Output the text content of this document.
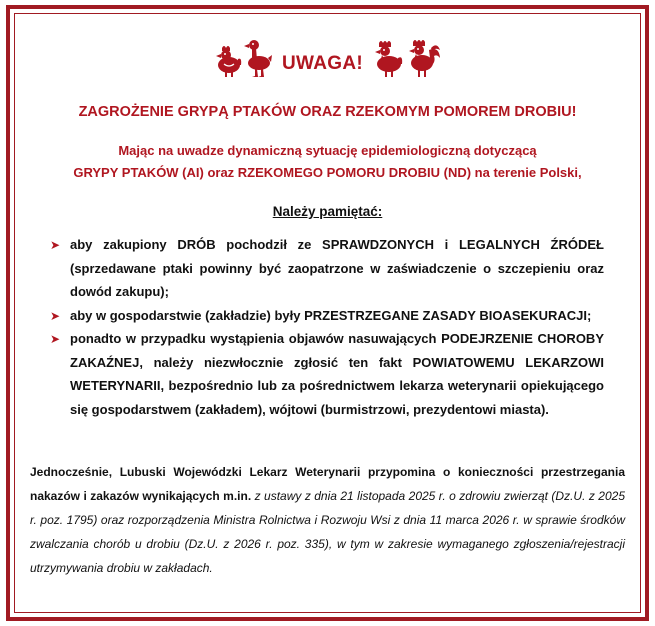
UWAGA!
ZAGROŻENIE GRYPĄ PTAKÓW ORAZ RZEKOMYM POMOREM DROBIU!
Mając na uwadze dynamiczną sytuację epidemiologiczną dotyczącą
GRYPY PTAKÓW (AI) oraz RZEKOMEGO POMORU DROBIU (ND) na terenie Polski,
Należy pamiętać:
➤ aby zakupiony DRÓB pochodził ze SPRAWDZONYCH i LEGALNYCH ŹRÓDEŁ (sprzedawane ptaki powinny być zaopatrzone w zaświadczenie o szczepieniu oraz dowód zakupu);
➤ aby w gospodarstwie (zakładzie) były PRZESTRZEGANE ZASADY BIOASEKURACJI;
➤ ponadto w przypadku wystąpienia objawów nasuwających PODEJRZENIE CHOROBY ZAKAŹNEJ, należy niezwłocznie zgłosić ten fakt POWIATOWEMU LEKARZOWI WETERYNARII, bezpośrednio lub za pośrednictwem lekarza weterynarii opiekującego się gospodarstwem (zakładem), wójtowi (burmistrzowi, prezydentowi miasta).
Jednocześnie, Lubuski Wojewódzki Lekarz Weterynarii przypomina o konieczności przestrzegania nakazów i zakazów wynikających m.in. z ustawy z dnia 21 listopada 2025 r. o zdrowiu zwierząt (Dz.U. z 2025 r. poz. 1795) oraz rozporządzenia Ministra Rolnictwa i Rozwoju Wsi z dnia 11 marca 2026 r. w sprawie środków zwalczania chorób u drobiu (Dz.U. z 2026 r. poz. 335), w tym w zakresie wymaganego zgłoszenia/rejestracji utrzymywania drobiu w zakładach.
